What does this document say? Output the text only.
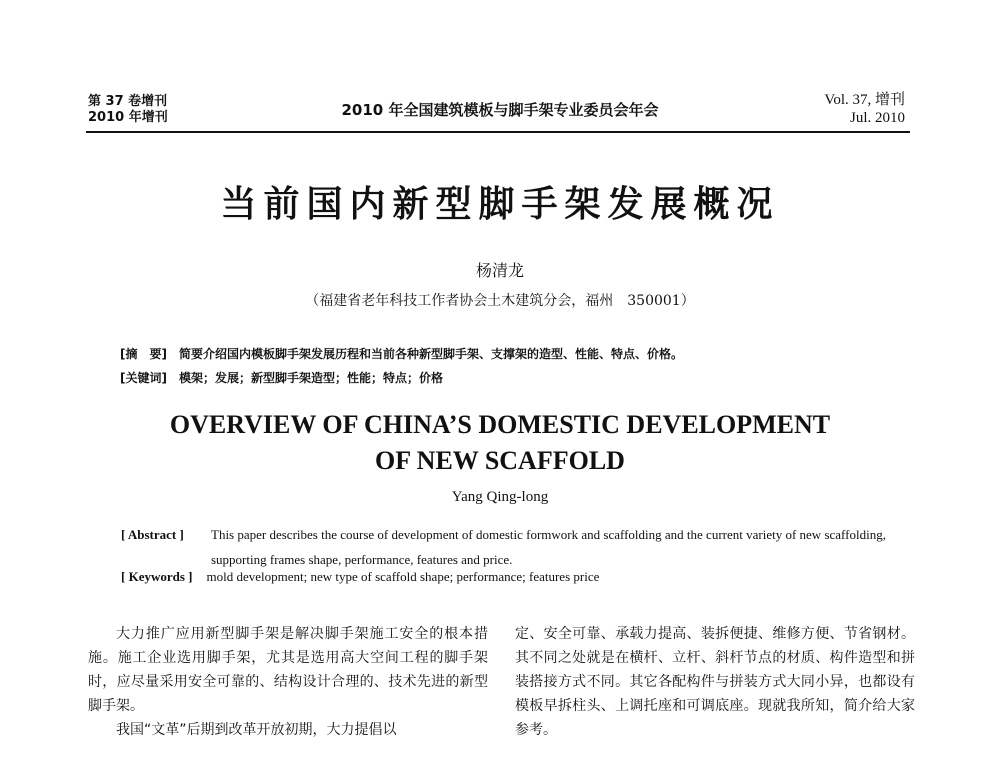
第 37 卷增刊
2010 年增刊	2010 年全国建筑模板与脚手架专业委员会年会
Vol. 37, 增刊
Jul. 2010
当前国内新型脚手架发展概况
杨清龙
（福建省老年科技工作者协会土木建筑分会，福州　350001）
[摘　要] 简要介绍国内模板脚手架发展历程和当前各种新型脚手架、支撑架的造型、性能、特点、价格。
[关键词] 模架；发展；新型脚手架造型；性能；特点；价格
OVERVIEW OF CHINA’S DOMESTIC DEVELOPMENT
OF NEW SCAFFOLD
Yang Qing-long
[ Abstract ] This paper describes the course of development of domestic formwork and scaffolding and the current variety of new scaffolding, supporting frames shape, performance, features and price.
[ Keywords ] mold development; new type of scaffold shape; performance; features price

大力推广应用新型脚手架是解决脚手架施工安全的根本措施。施工企业选用脚手架，尤其是选用高大空间工程的脚手架时，应尽量采用安全可靠的、结构设计合理的、技术先进的新型脚手架。

我国“文革”后期到改革开放初期，大力提倡以

定、安全可靠、承载力提高、装拆便捷、维修方便、节省钢材。其不同之处就是在横杆、立杆、斜杆节点的材质、构件造型和拼装搭接方式不同。其它各配构件与拼装方式大同小异，也都设有模板早拆柱头、上调托座和可调底座。现就我所知，简介给大家参考。
